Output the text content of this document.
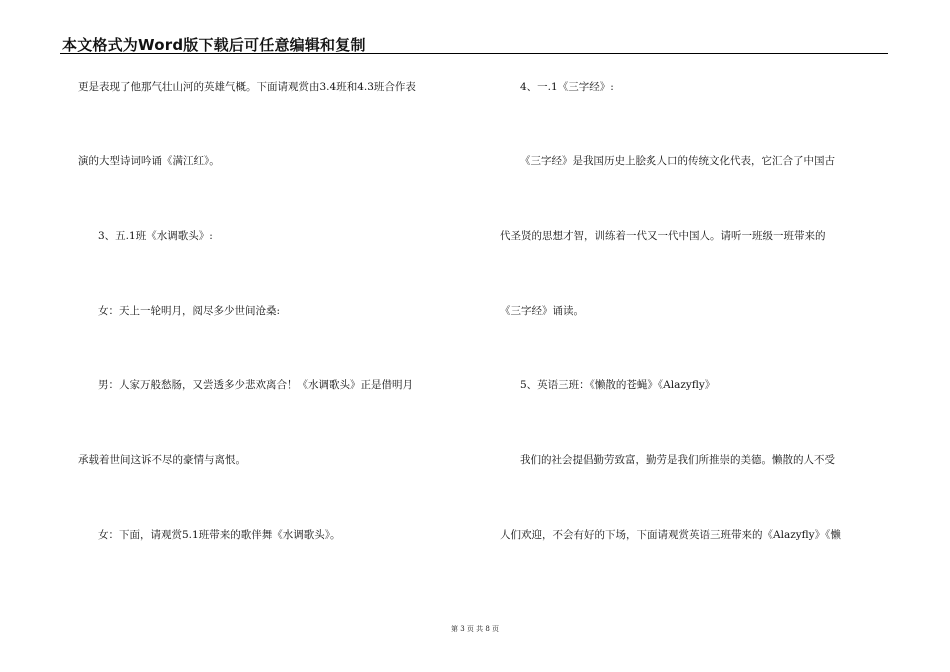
本文格式为Word版下载后可任意编辑和复制
更是表现了他那气壮山河的英雄气概。下面请观赏由3.4班和4.3班合作表
演的大型诗词吟诵《满江红》。
3、五.1班《水调歌头》:
女：天上一轮明月，阅尽多少世间沧桑:
男：人家万般愁肠，又尝透多少悲欢离合！《水调歌头》正是借明月
承载着世间这诉不尽的豪情与离恨。
女：下面，请观赏5.1班带来的歌伴舞《水调歌头》。
4、一.1《三字经》:
《三字经》是我国历史上脍炙人口的传统文化代表，它汇合了中国古
代圣贤的思想才智，训练着一代又一代中国人。请听一班级一班带来的
《三字经》诵读。
5、英语三班：《懒散的苍蝇》《Alazyfly》
我们的社会提倡勤劳致富，勤劳是我们所推崇的美德。懒散的人不受
人们欢迎，不会有好的下场，下面请观赏英语三班带来的《Alazyfly》《懒
第 3 页 共 8 页
